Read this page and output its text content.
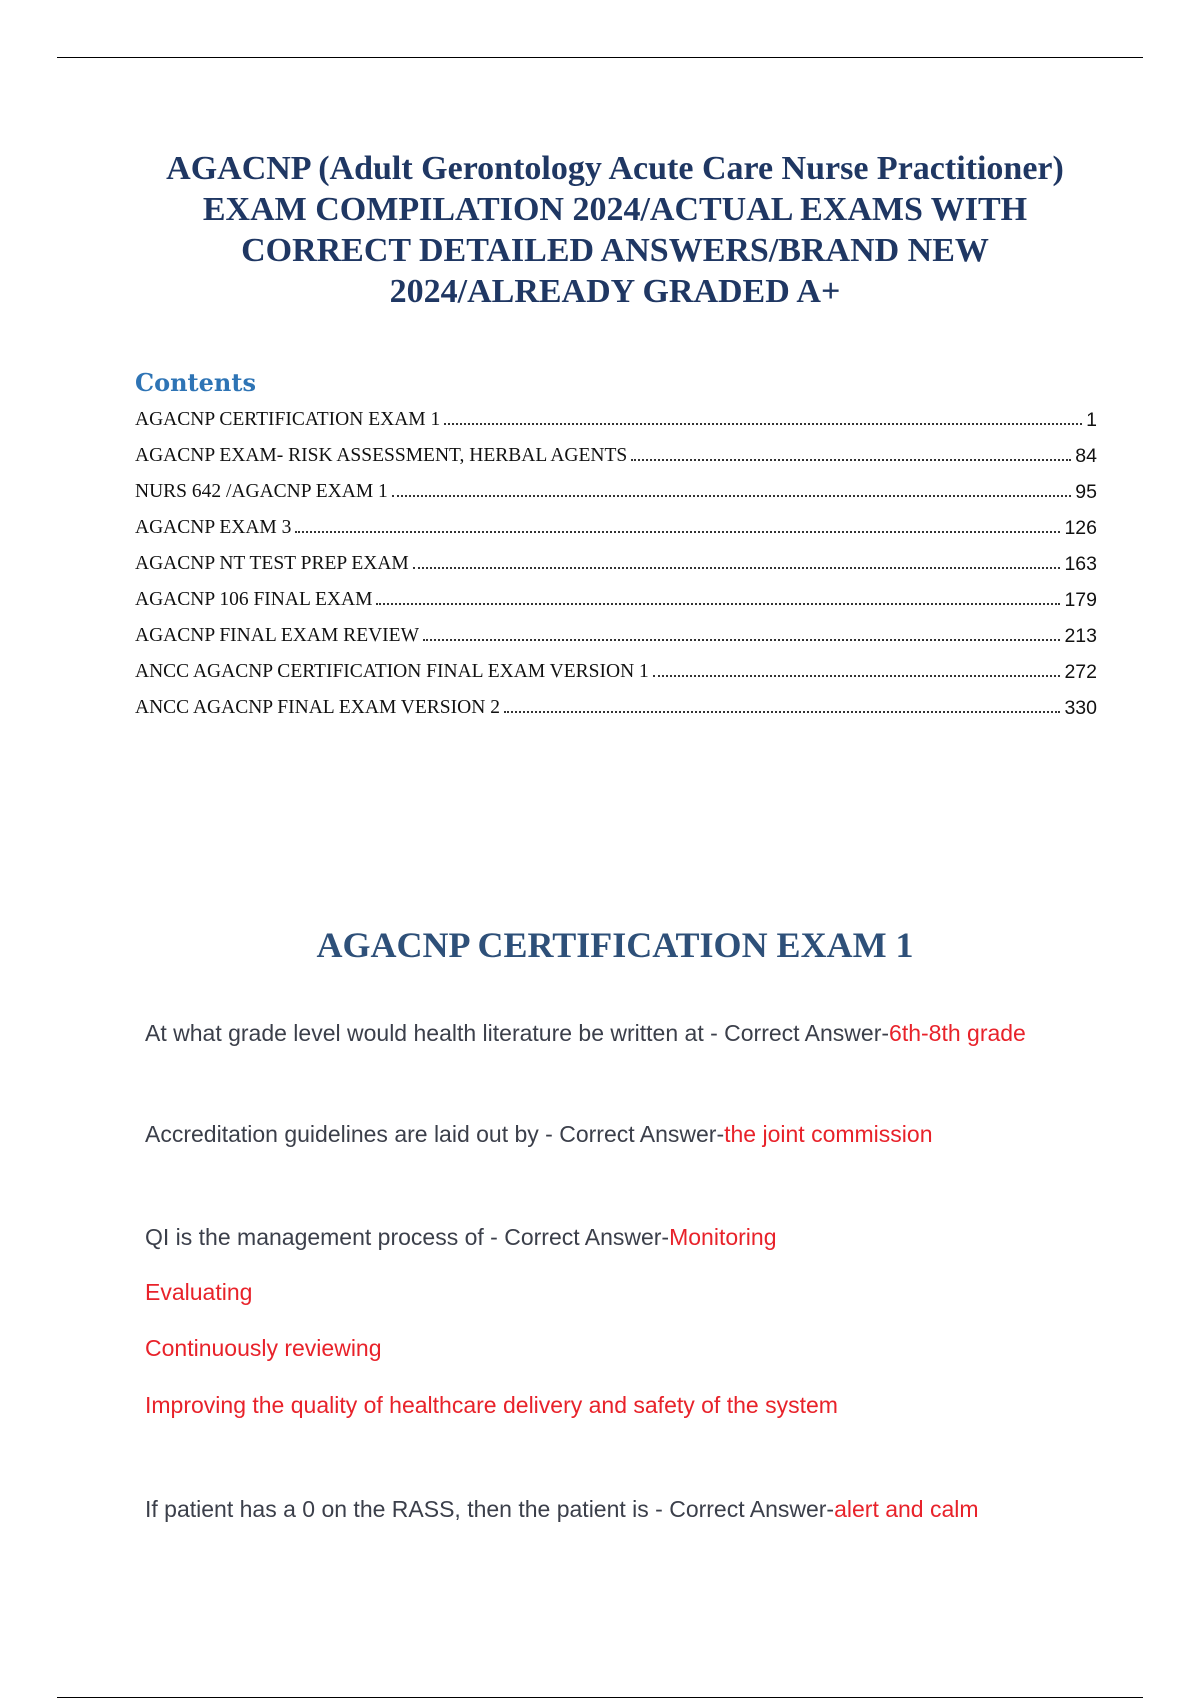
AGACNP (Adult Gerontology Acute Care Nurse Practitioner) EXAM COMPILATION 2024/ACTUAL EXAMS WITH CORRECT DETAILED ANSWERS/BRAND NEW 2024/ALREADY GRADED A+
Contents
AGACNP CERTIFICATION EXAM 1	1
AGACNP EXAM- RISK ASSESSMENT, HERBAL AGENTS	84
NURS 642 /AGACNP EXAM 1	95
AGACNP EXAM 3	126
AGACNP NT TEST PREP EXAM	163
AGACNP 106 FINAL EXAM	179
AGACNP FINAL EXAM REVIEW	213
ANCC AGACNP CERTIFICATION FINAL EXAM VERSION 1	272
ANCC AGACNP FINAL EXAM VERSION 2	330
AGACNP CERTIFICATION EXAM 1

At what grade level would health literature be written at - Correct Answer-6th-8th grade

Accreditation guidelines are laid out by - Correct Answer-the joint commission

QI is the management process of - Correct Answer-Monitoring

Evaluating

Continuously reviewing

Improving the quality of healthcare delivery and safety of the system

If patient has a 0 on the RASS, then the patient is - Correct Answer-alert and calm
